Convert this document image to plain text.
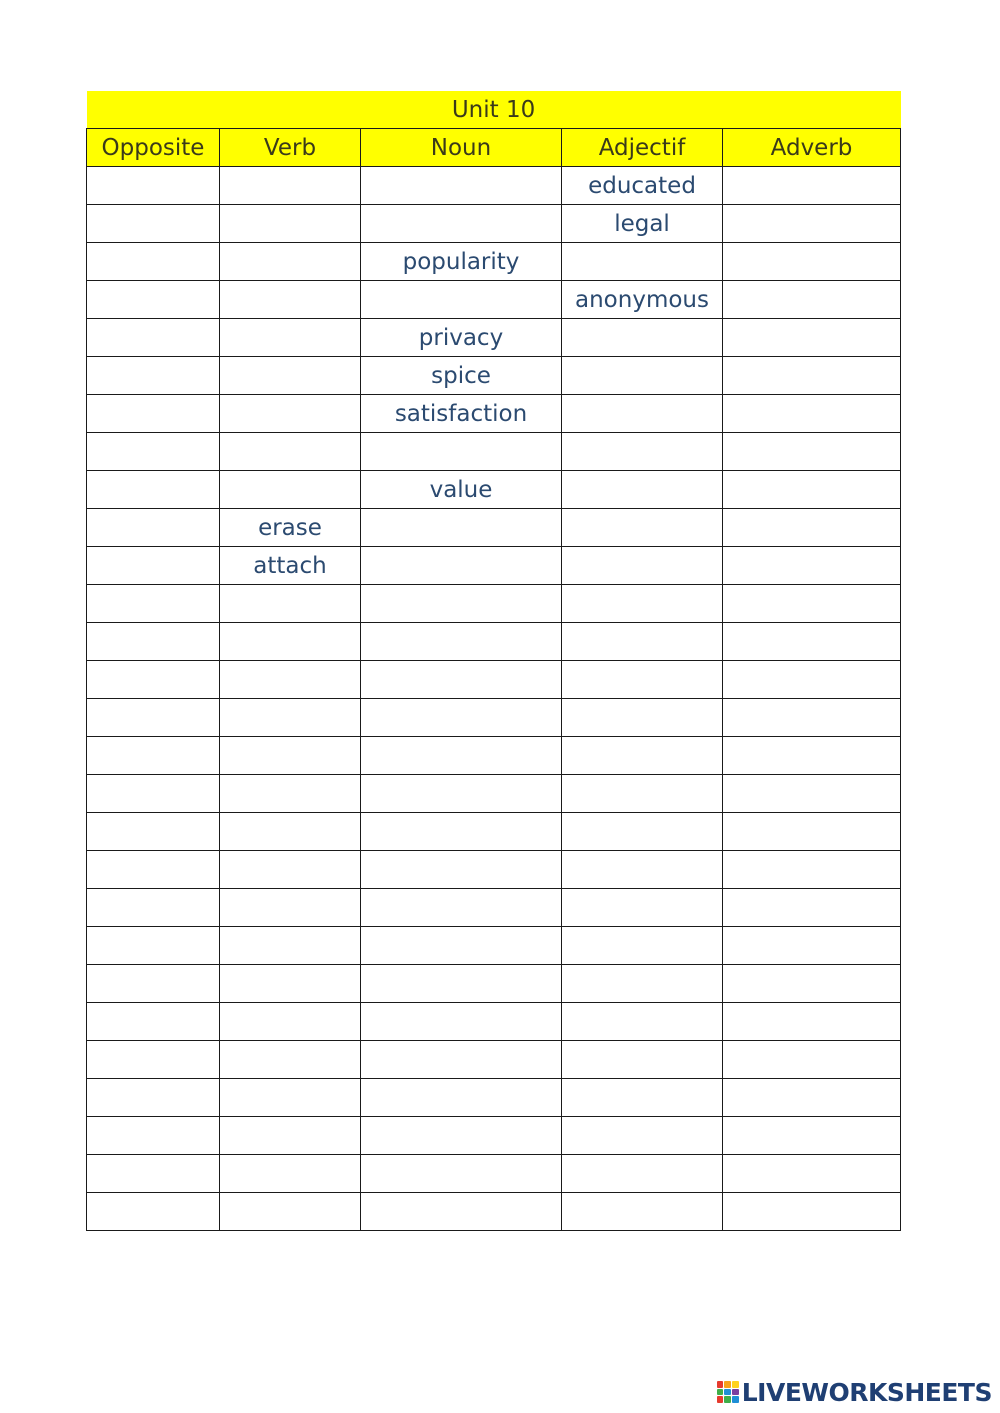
Unit 10				
Opposite	Verb	Noun	Adjectif	Adverb
			educated	
			legal	
		popularity		
			anonymous	
		privacy		
		spice		
		satisfaction		

		value		
	erase			
	attach			

LIVEWORKSHEETS
